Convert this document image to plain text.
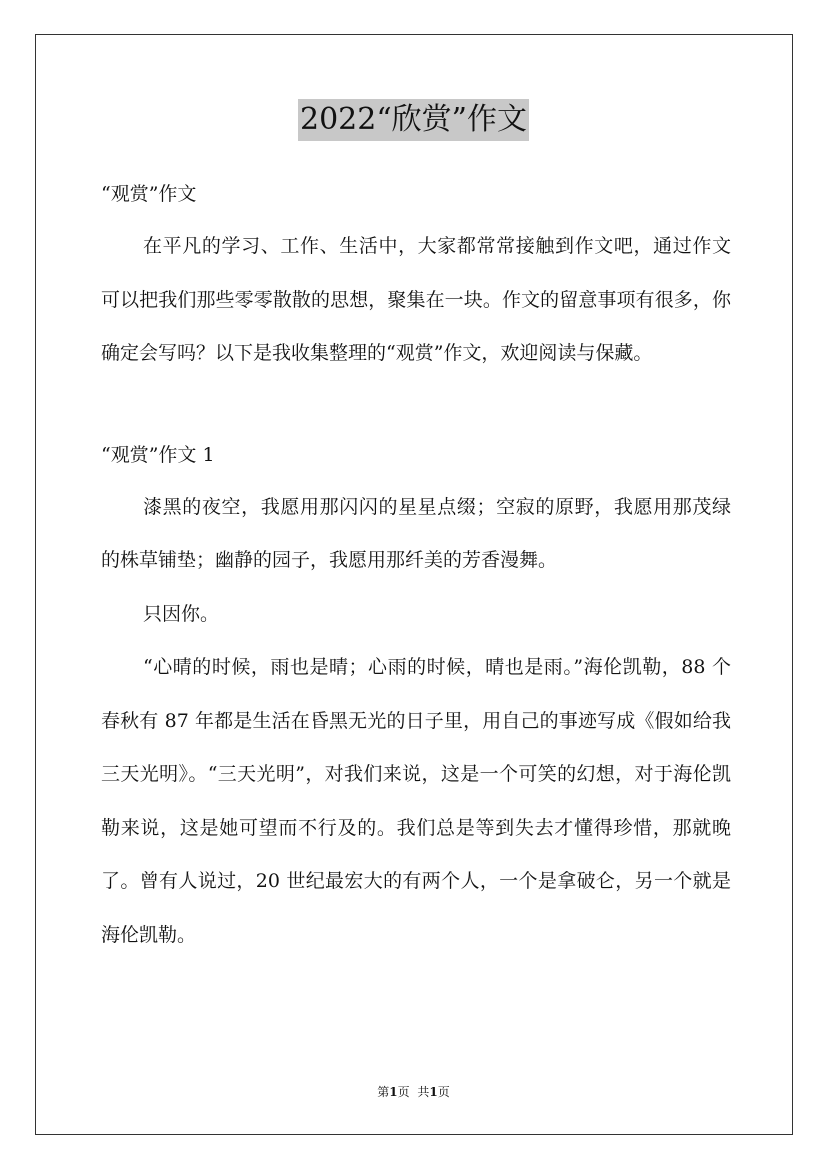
2022“欣赏”作文

“观赏”作文

在平凡的学习、工作、生活中，大家都常常接触到作文吧，通过作文可以把我们那些零零散散的思想，聚集在一块。作文的留意事项有很多，你确定会写吗？以下是我收集整理的“观赏”作文，欢迎阅读与保藏。

“观赏”作文 1

漆黑的夜空，我愿用那闪闪的星星点缀；空寂的原野，我愿用那茂绿的株草铺垫；幽静的园子，我愿用那纤美的芳香漫舞。

只因你。

“心晴的时候，雨也是晴；心雨的时候，晴也是雨。”海伦凯勒，88 个春秋有 87 年都是生活在昏黑无光的日子里，用自己的事迹写成《假如给我三天光明》。“三天光明”，对我们来说，这是一个可笑的幻想，对于海伦凯勒来说，这是她可望而不行及的。我们总是等到失去才懂得珍惜，那就晚了。曾有人说过，20 世纪最宏大的有两个人，一个是拿破仑，另一个就是海伦凯勒。

第1页 共1页
